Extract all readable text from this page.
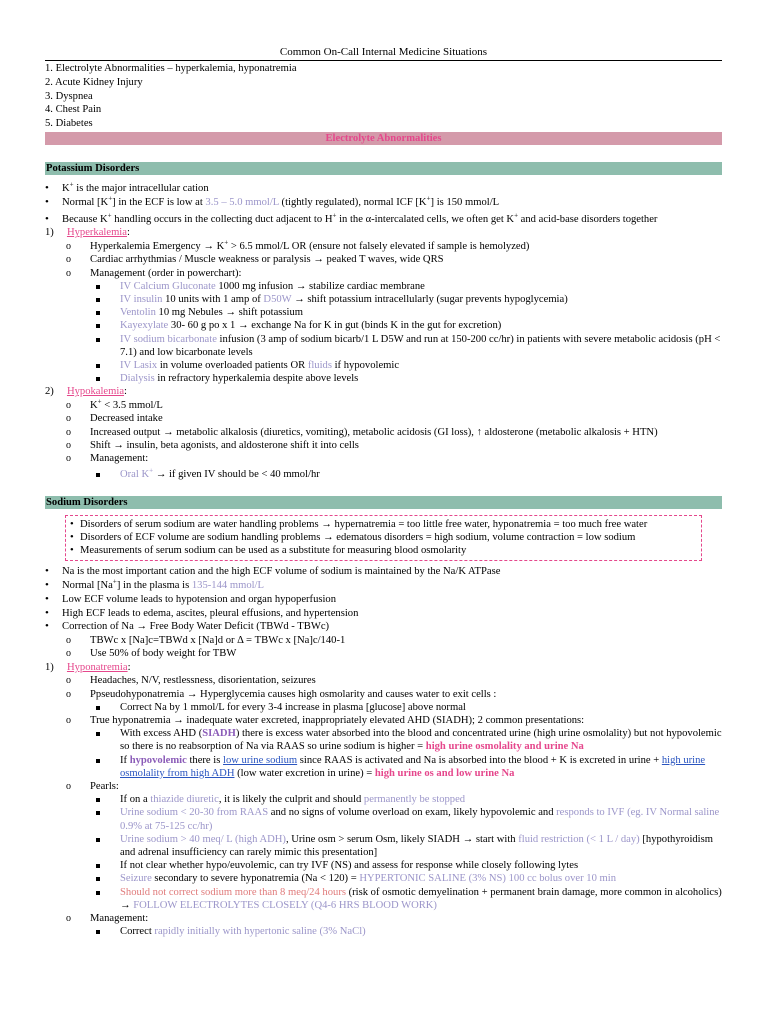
Common On-Call Internal Medicine Situations
1. Electrolyte Abnormalities – hyperkalemia, hyponatremia
2. Acute Kidney Injury
3. Dyspnea
4. Chest Pain
5. Diabetes
Electrolyte Abnormalities
Potassium Disorders
• K+ is the major intracellular cation
• Normal [K+] in the ECF is low at 3.5 – 5.0 mmol/L (tightly regulated), normal ICF [K+] is 150 mmol/L
• Because K+ handling occurs in the collecting duct adjacent to H+ in the α-intercalated cells, we often get K+ and acid-base disorders together
1) Hyperkalemia:
o Hyperkalemia Emergency → K+ > 6.5 mmol/L OR (ensure not falsely elevated if sample is hemolyzed)
o Cardiac arrhythmias / Muscle weakness or paralysis → peaked T waves, wide QRS
o Management (order in powerchart):
IV Calcium Gluconate 1000 mg infusion → stabilize cardiac membrane
IV insulin 10 units with 1 amp of D50W → shift potassium intracellularly (sugar prevents hypoglycemia)
Ventolin 10 mg Nebules → shift potassium
Kayexylate 30- 60 g po x 1 → exchange Na for K in gut (binds K in the gut for excretion)
IV sodium bicarbonate infusion (3 amp of sodium bicarb/1 L D5W and run at 150-200 cc/hr) in patients with severe metabolic acidosis (pH < 7.1) and low bicarbonate levels
IV Lasix in volume overloaded patients OR fluids if hypovolemic
Dialysis in refractory hyperkalemia despite above levels
2) Hypokalemia:
o K+ < 3.5 mmol/L
o Decreased intake
o Increased output → metabolic alkalosis (diuretics, vomiting), metabolic acidosis (GI loss), ↑ aldosterone (metabolic alkalosis + HTN)
o Shift → insulin, beta agonists, and aldosterone shift it into cells
o Management:
Oral K+ → if given IV should be < 40 mmol/hr
Sodium Disorders
• Disorders of serum sodium are water handling problems → hypernatremia = too little free water, hyponatremia = too much free water
• Disorders of ECF volume are sodium handling problems → edematous disorders = high sodium, volume contraction = low sodium
• Measurements of serum sodium can be used as a substitute for measuring blood osmolarity
• Na is the most important cation and the high ECF volume of sodium is maintained by the Na/K ATPase
• Normal [Na+] in the plasma is 135-144 mmol/L
• Low ECF volume leads to hypotension and organ hypoperfusion
• High ECF leads to edema, ascites, pleural effusions, and hypertension
• Correction of Na → Free Body Water Deficit (TBWd - TBWc)
o TBWc x [Na]c=TBWd x [Na]d or Δ = TBWc x [Na]c/140-1
o Use 50% of body weight for TBW
1) Hyponatremia:
o Headaches, N/V, restlessness, disorientation, seizures
o Ppseudohyponatremia → Hyperglycemia causes high osmolarity and causes water to exit cells :
Correct Na by 1 mmol/L for every 3-4 increase in plasma [glucose] above normal
o True hyponatremia → inadequate water excreted, inappropriately elevated AHD (SIADH); 2 common presentations:
With excess AHD (SIADH) there is excess water absorbed into the blood and concentrated urine (high urine osmolality) but not hypovolemic so there is no reabsorption of Na via RAAS so urine sodium is higher = high urine osmolality and urine Na
If hypovolemic there is low urine sodium since RAAS is activated and Na is absorbed into the blood + K is excreted in urine + high urine osmolality from high ADH (low water excretion in urine) = high urine os and low urine Na
o Pearls:
If on a thiazide diuretic, it is likely the culprit and should permanently be stopped
Urine sodium < 20-30 from RAAS and no signs of volume overload on exam, likely hypovolemic and responds to IVF (eg. IV Normal saline 0.9% at 75-125 cc/hr)
Urine sodium > 40 meq/ L (high ADH), Urine osm > serum Osm, likely SIADH → start with fluid restriction (< 1 L / day) [hypothyroidism and adrenal insufficiency can rarely mimic this presentation]
If not clear whether hypo/euvolemic, can try IVF (NS) and assess for response while closely following lytes
Seizure secondary to severe hyponatremia (Na < 120) = HYPERTONIC SALINE (3% NS) 100 cc bolus over 10 min
Should not correct sodium more than 8 meq/24 hours (risk of osmotic demyelination + permanent brain damage, more common in alcoholics) → FOLLOW ELECTROLYTES CLOSELY (Q4-6 HRS BLOOD WORK)
o Management:
Correct rapidly initially with hypertonic saline (3% NaCl)
